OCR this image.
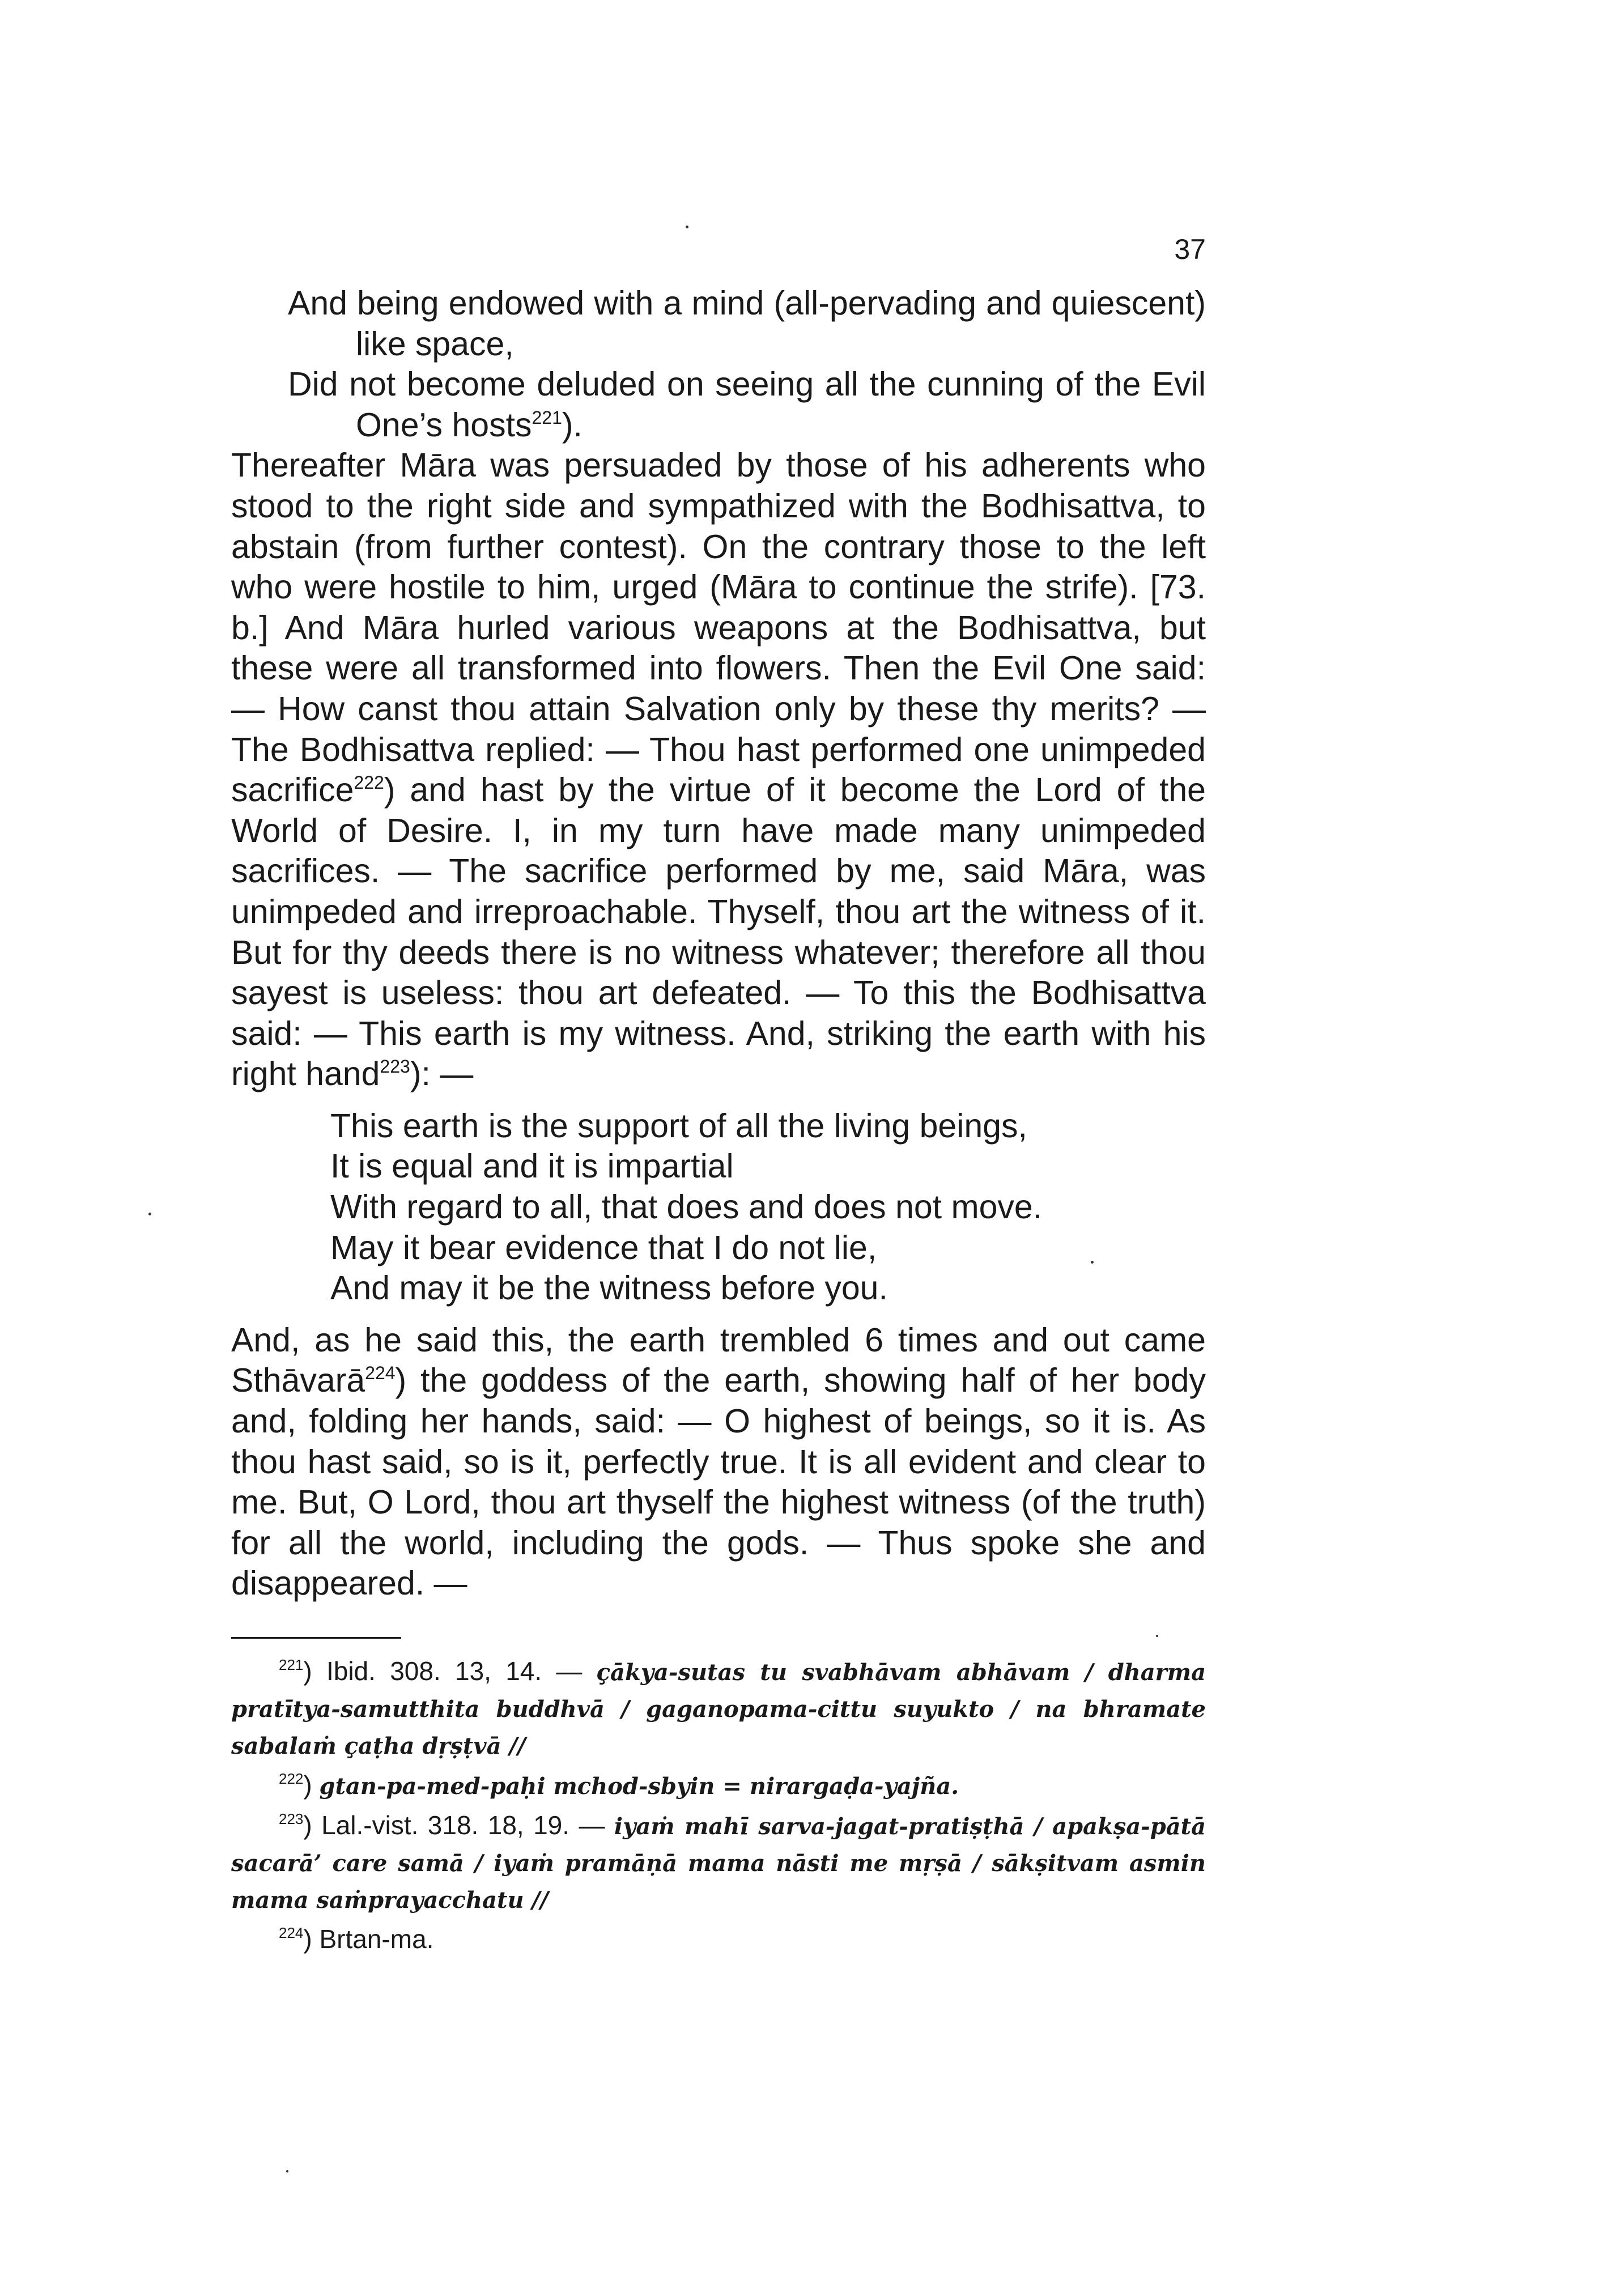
37

And being endowed with a mind (all-pervading and quiescent) like space,

Did not become deluded on seeing all the cunning of the Evil One’s hosts$^{221}$).

Thereafter Māra was persuaded by those of his adherents who stood to the right side and sympathized with the Bodhisattva, to abstain (from further contest). On the contrary those to the left who were hostile to him, urged (Māra to continue the strife). [73. b.] And Māra hurled various weapons at the Bodhisattva, but these were all transformed into flowers. Then the Evil One said: — How canst thou attain Salvation only by these thy merits? — The Bodhisattva replied: — Thou hast performed one unimpeded sacrifice$^{222}$) and hast by the virtue of it become the Lord of the World of Desire. I, in my turn have made many unimpeded sacrifices. — The sacrifice performed by me, said Māra, was unimpeded and irreproachable. Thyself, thou art the witness of it. But for thy deeds there is no witness whatever; therefore all thou sayest is useless: thou art defeated. — To this the Bodhisattva said: — This earth is my witness. And, striking the earth with his right hand$^{223}$): —

This earth is the support of all the living beings,

It is equal and it is impartial

With regard to all, that does and does not move.

May it bear evidence that I do not lie,

And may it be the witness before you.

And, as he said this, the earth trembled 6 times and out came Sthāvarā$^{224}$) the goddess of the earth, showing half of her body and, folding her hands, said: — O highest of beings, so it is. As thou hast said, so is it, perfectly true. It is all evident and clear to me. But, O Lord, thou art thyself the highest witness (of the truth) for all the world, including the gods. — Thus spoke she and disappeared. —

$^{221}$) Ibid. 308. 13, 14. — çākya-sutas tu svabhāvam abhāvam / dharma pratītya-samutthita buddhvā / gaganopama-cittu suyukto / na bhramate sabalaṁ çaṭha dṛṣṭvā //

$^{222}$) gtan-pa-med-paḥi mchod-sbyin = nirargaḍa-yajña.

$^{223}$) Lal.-vist. 318. 18, 19. — iyaṁ mahī sarva-jagat-pratiṣṭhā / apakṣa-pātā sacarā’ care samā / iyaṁ pramāṇā mama nāsti me mṛṣā / sākṣitvam asmin mama saṁprayacchatu //

$^{224}$) Brtan-ma.
